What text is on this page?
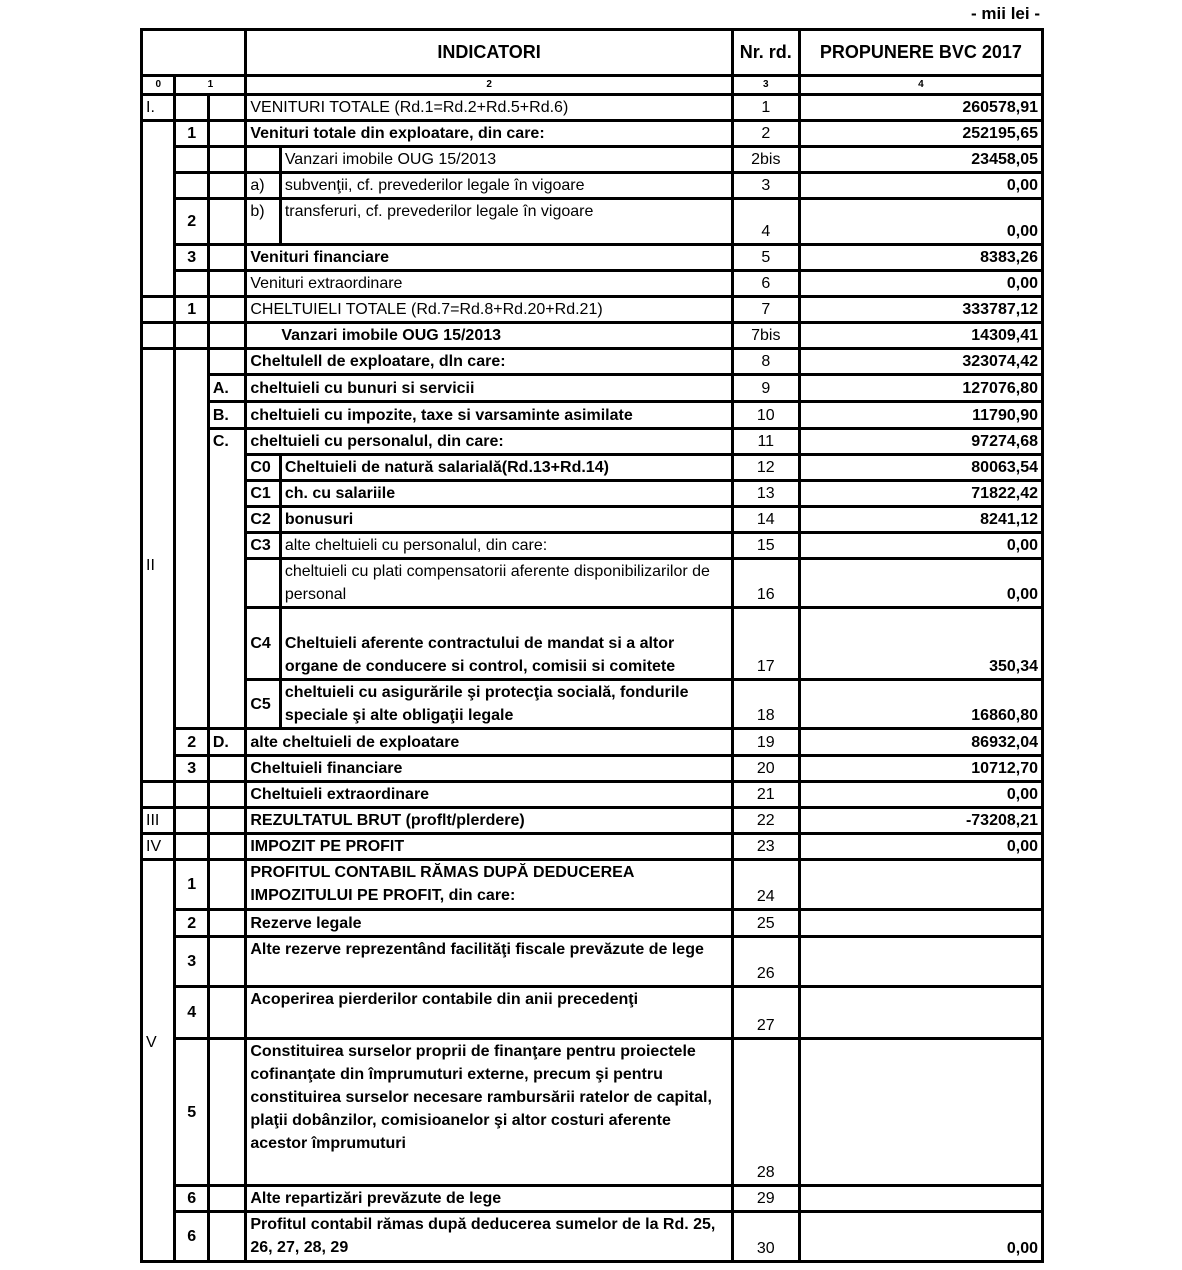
- mii lei -
			INDICATORI		Nr. rd.	PROPUNERE BVC 2017
0	1		2		3	4
I.			VENITURI TOTALE (Rd.1=Rd.2+Rd.5+Rd.6)		1	260578,91
	1		Venituri totale din exploatare, din care:		2	252195,65
				Vanzari imobile OUG 15/2013	2bis	23458,05
			a)	subvenţii, cf. prevederilor legale în vigoare	3	0,00
	2		b)	transferuri, cf. prevederilor legale în vigoare	4	0,00
	3		Venituri financiare		5	8383,26
			Venituri extraordinare		6	0,00
	1		CHELTUIELI TOTALE (Rd.7=Rd.8+Rd.20+Rd.21)		7	333787,12
			Vanzari imobile OUG 15/2013		7bis	14309,41
II			Cheltulell de exploatare, dln care:		8	323074,42
		A.	cheltuieli cu bunuri si servicii		9	127076,80
		B.	cheltuieli cu impozite, taxe si varsaminte asimilate		10	11790,90
		C.	cheltuieli cu personalul, din care:		11	97274,68
			C0	Cheltuieli de natură salarială(Rd.13+Rd.14)	12	80063,54
			C1	ch. cu salariile	13	71822,42
			C2	bonusuri	14	8241,12
			C3	alte cheltuieli cu personalul, din care:	15	0,00
				cheltuieli cu plati compensatorii aferente disponibilizarilor de personal	16	0,00
			C4	Cheltuieli aferente contractului de mandat si a altor organe de conducere si control, comisii si comitete	17	350,34
			C5	cheltuieli cu asigurările şi protecţia socială, fondurile speciale şi alte obligaţii legale	18	16860,80
	2	D.	alte cheltuieli de exploatare		19	86932,04
	3		Cheltuieli financiare		20	10712,70
			Cheltuieli extraordinare		21	0,00
III			REZULTATUL BRUT (proflt/plerdere)		22	-73208,21
IV			IMPOZIT PE PROFIT		23	0,00
V	1		PROFITUL CONTABIL RĂMAS DUPĂ DEDUCEREA IMPOZITULUI PE PROFIT, din care:		24	
	2		Rezerve legale		25	
	3		Alte rezerve reprezentând facilităţi fiscale prevăzute de lege		26	
	4		Acoperirea pierderilor contabile din anii precedenţi		27	
	5		Constituirea surselor proprii de finanţare pentru proiectele cofinanţate din împrumuturi externe, precum şi pentru constituirea surselor necesare rambursării ratelor de capital, plaţii dobânzilor, comisioanelor şi altor costuri aferente acestor împrumuturi		28	
	6		Alte repartizări prevăzute de lege		29	
	6		Profitul contabil rămas după deducerea sumelor de la Rd. 25, 26, 27, 28, 29		30	0,00
